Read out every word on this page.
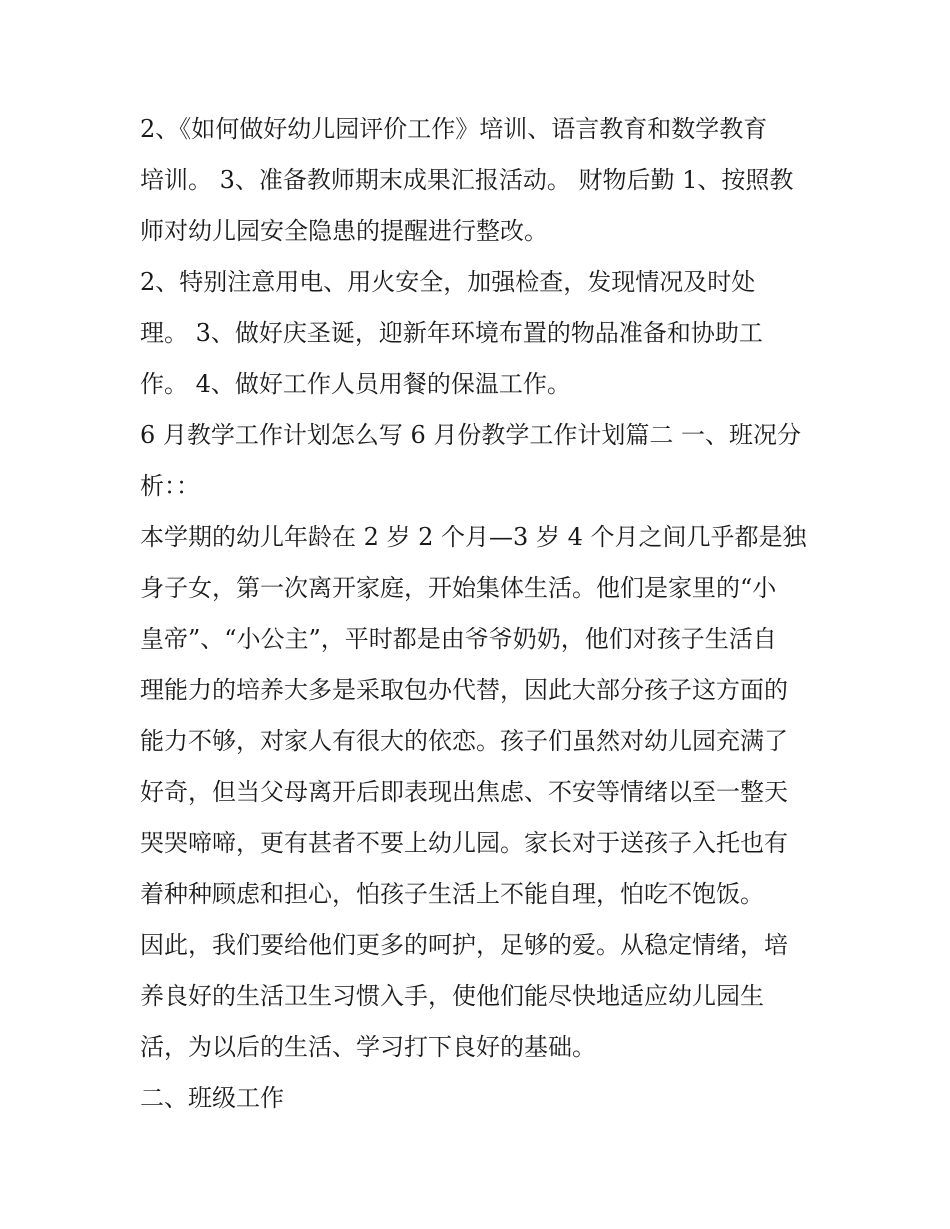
2、《如何做好幼儿园评价工作》培训、语言教育和数学教育
培训。 3、准备教师期末成果汇报活动。 财物后勤 1、按照教
师对幼儿园安全隐患的提醒进行整改。
2、特别注意用电、用火安全，加强检查，发现情况及时处
理。 3、做好庆圣诞，迎新年环境布置的物品准备和协助工
作。 4、做好工作人员用餐的保温工作。
6 月教学工作计划怎么写 6 月份教学工作计划篇二 一、班况分
析：：
本学期的幼儿年龄在 2 岁 2 个月—3 岁 4 个月之间几乎都是独
身子女，第一次离开家庭，开始集体生活。他们是家里的“小
皇帝”、“小公主”，平时都是由爷爷奶奶，他们对孩子生活自
理能力的培养大多是采取包办代替，因此大部分孩子这方面的
能力不够，对家人有很大的依恋。孩子们虽然对幼儿园充满了
好奇，但当父母离开后即表现出焦虑、不安等情绪以至一整天
哭哭啼啼，更有甚者不要上幼儿园。家长对于送孩子入托也有
着种种顾虑和担心，怕孩子生活上不能自理，怕吃不饱饭。
因此，我们要给他们更多的呵护，足够的爱。从稳定情绪，培
养良好的生活卫生习惯入手，使他们能尽快地适应幼儿园生
活，为以后的生活、学习打下良好的基础。
二、班级工作
